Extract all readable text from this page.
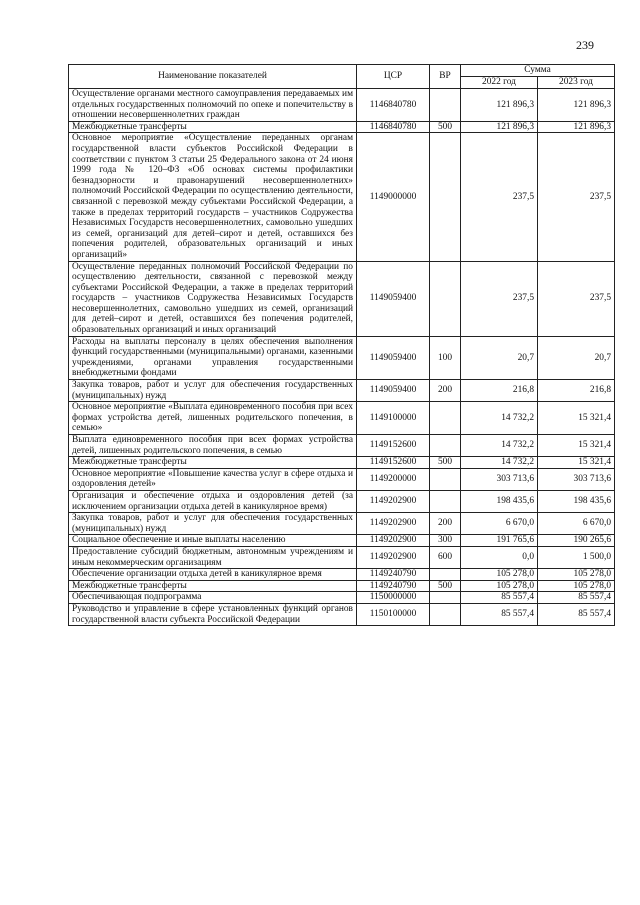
239
Наименование показателей	ЦСР	ВР	Сумма	
			2022 год	2023 год
Осуществление органами местного самоуправления передаваемых им отдельных государственных полномочий по опеке и попечительству в отношении несовершеннолетних граждан	1146840780		121 896,3	121 896,3
Межбюджетные трансферты	1146840780	500	121 896,3	121 896,3
Основное мероприятие «Осуществление переданных органам государственной власти субъектов Российской Федерации в соответствии с пунктом 3 статьи 25 Федерального закона от 24 июня 1999 года № 120–ФЗ «Об основах системы профилактики безнадзорности и правонарушений несовершеннолетних» полномочий Российской Федерации по осуществлению деятельности, связанной с перевозкой между субъектами Российской Федерации, а также в пределах территорий государств – участников Содружества Независимых Государств несовершеннолетних, самовольно ушедших из семей, организаций для детей–сирот и детей, оставшихся без попечения родителей, образовательных организаций и иных организаций»	1149000000		237,5	237,5
Осуществление переданных полномочий Российской Федерации по осуществлению деятельности, связанной с перевозкой между субъектами Российской Федерации, а также в пределах территорий государств – участников Содружества Независимых Государств несовершеннолетних, самовольно ушедших из семей, организаций для детей–сирот и детей, оставшихся без попечения родителей, образовательных организаций и иных организаций	1149059400		237,5	237,5
Расходы на выплаты персоналу в целях обеспечения выполнения функций государственными (муниципальными) органами, казенными учреждениями, органами управления государственными внебюджетными фондами	1149059400	100	20,7	20,7
Закупка товаров, работ и услуг для обеспечения государственных (муниципальных) нужд	1149059400	200	216,8	216,8
Основное мероприятие «Выплата единовременного пособия при всех формах устройства детей, лишенных родительского попечения, в семью»	1149100000		14 732,2	15 321,4
Выплата единовременного пособия при всех формах устройства детей, лишенных родительского попечения, в семью	1149152600		14 732,2	15 321,4
Межбюджетные трансферты	1149152600	500	14 732,2	15 321,4
Основное мероприятие «Повышение качества услуг в сфере отдыха и оздоровления детей»	1149200000		303 713,6	303 713,6
Организация и обеспечение отдыха и оздоровления детей (за исключением организации отдыха детей в каникулярное время)	1149202900		198 435,6	198 435,6
Закупка товаров, работ и услуг для обеспечения государственных (муниципальных) нужд	1149202900	200	6 670,0	6 670,0
Социальное обеспечение и иные выплаты населению	1149202900	300	191 765,6	190 265,6
Предоставление субсидий бюджетным, автономным учреждениям и иным некоммерческим организациям	1149202900	600	0,0	1 500,0
Обеспечение организации отдыха детей в каникулярное время	1149240790		105 278,0	105 278,0
Межбюджетные трансферты	1149240790	500	105 278,0	105 278,0
Обеспечивающая подпрограмма	1150000000		85 557,4	85 557,4
Руководство и управление в сфере установленных функций органов государственной власти субъекта Российской Федерации	1150100000		85 557,4	85 557,4
